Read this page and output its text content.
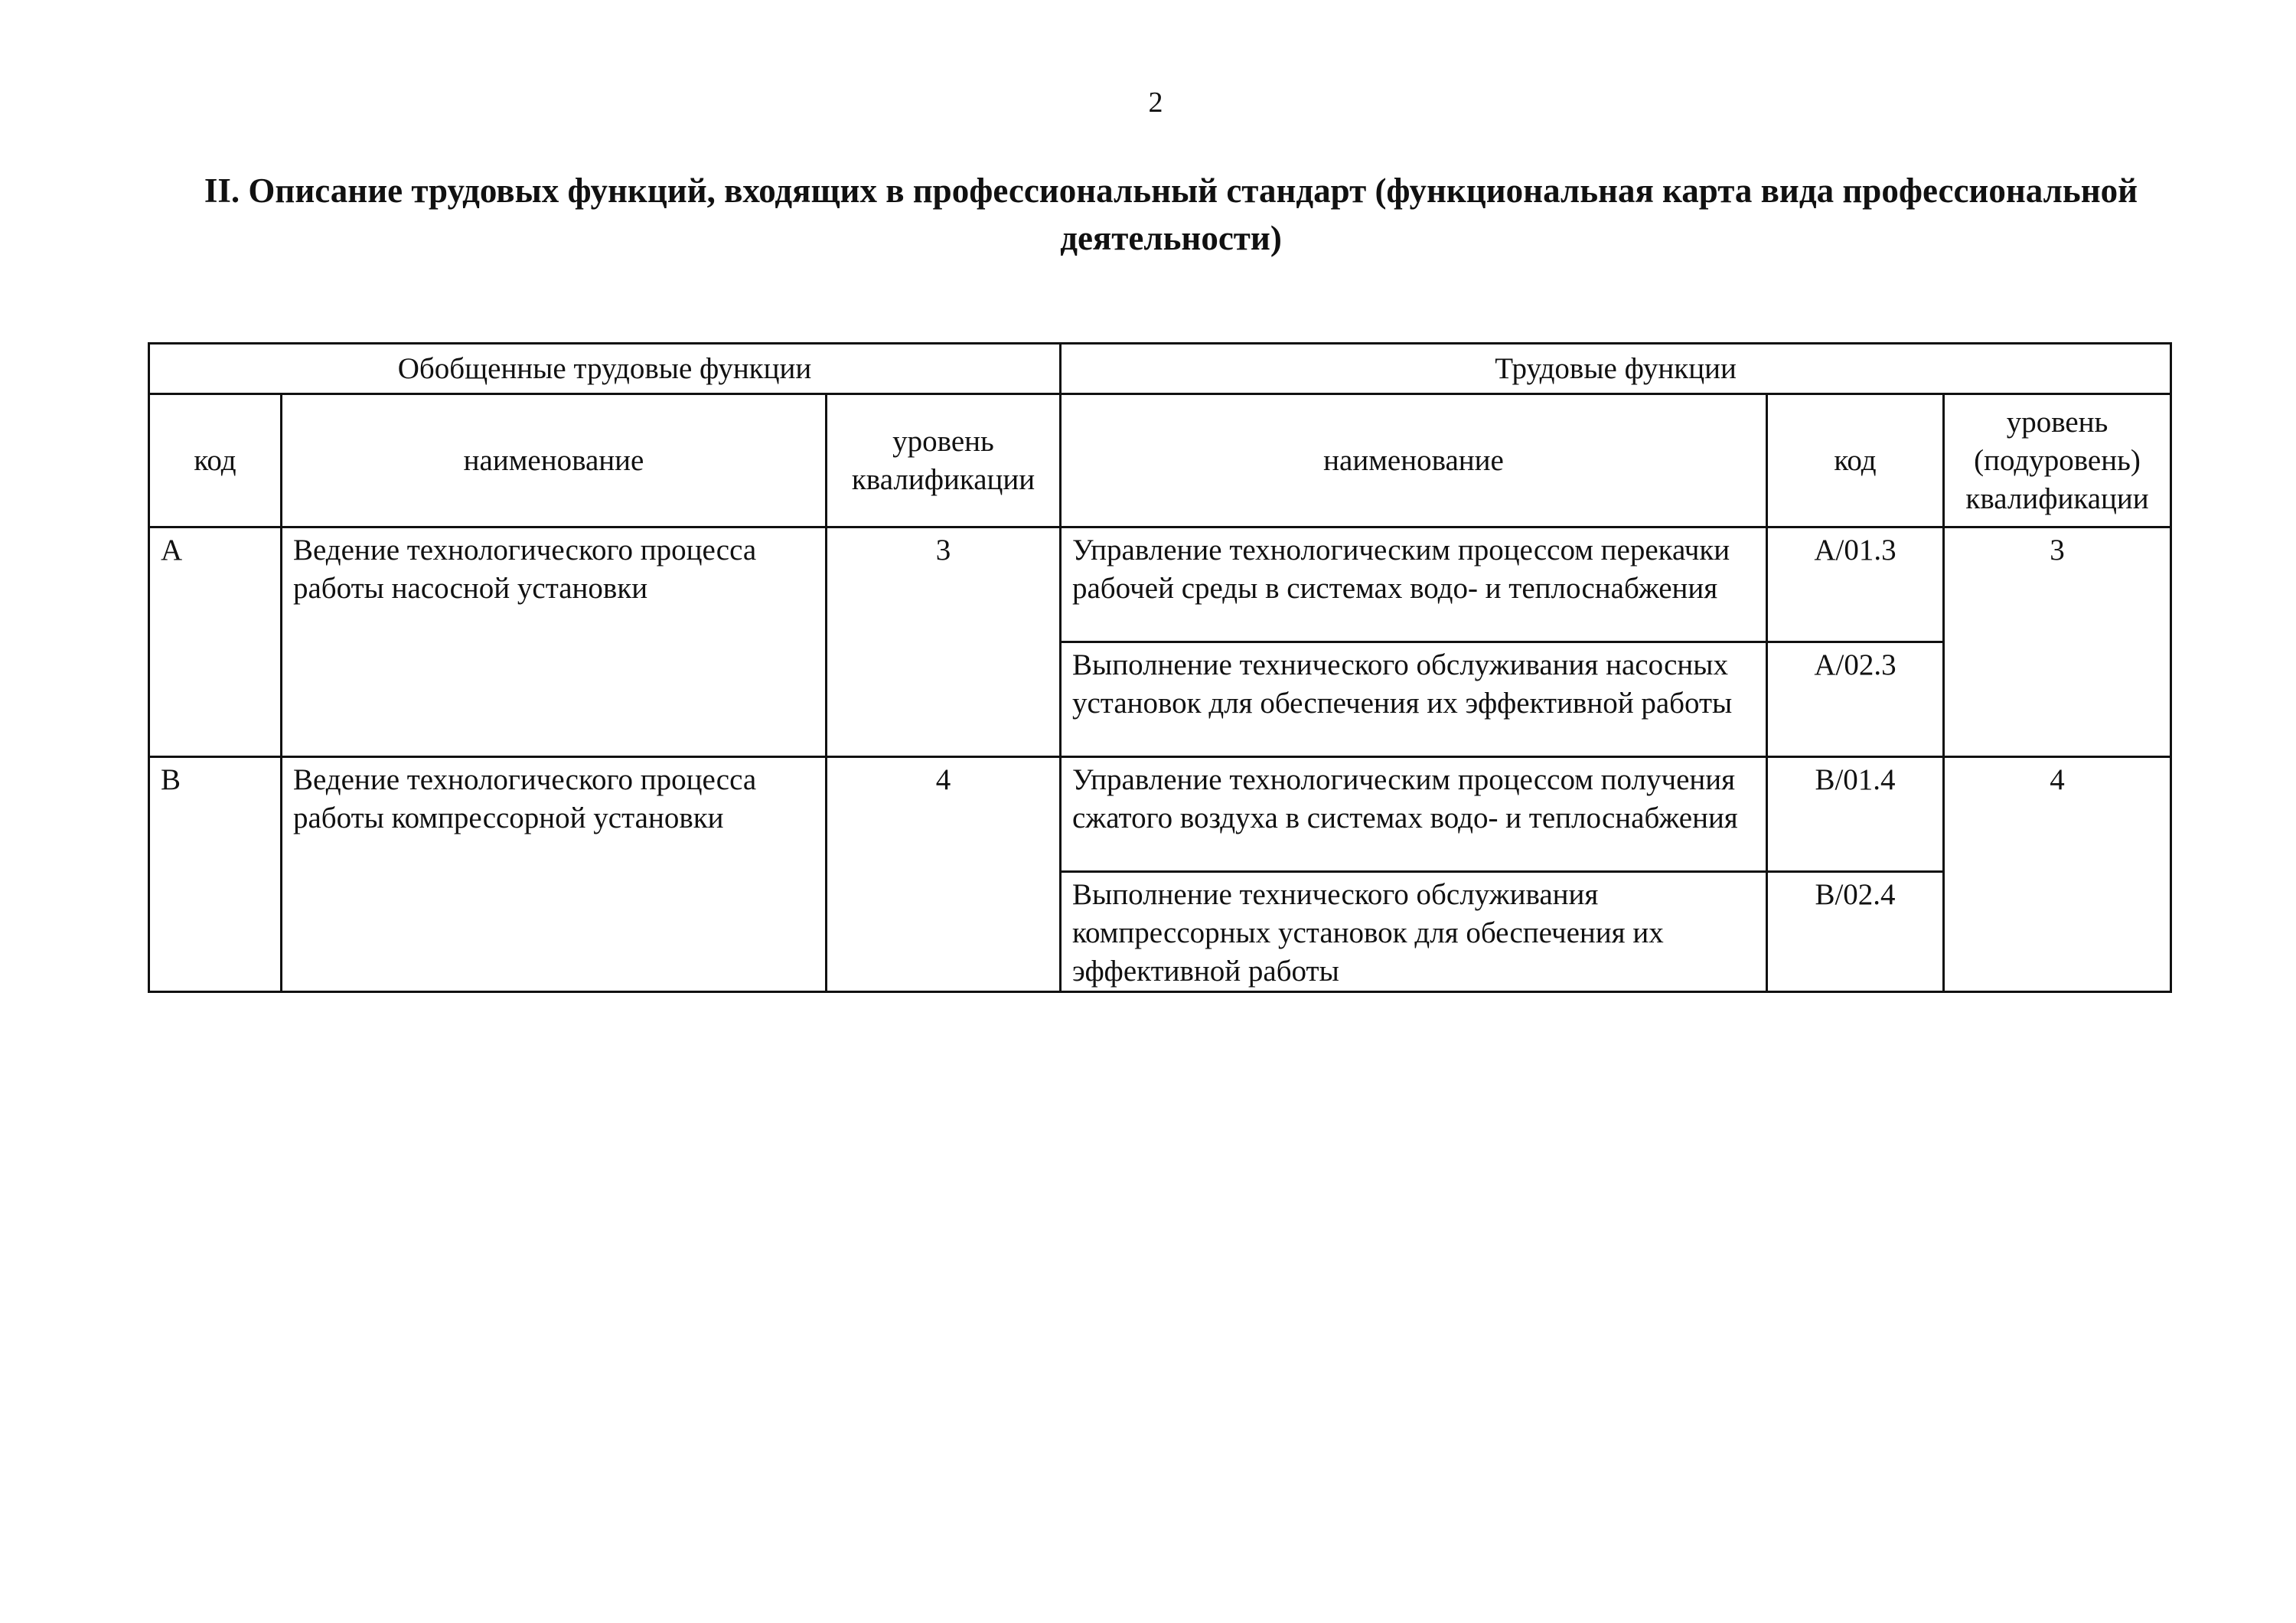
2
II. Описание трудовых функций, входящих в профессиональный стандарт (функциональная карта вида профессиональной деятельности)
Обобщенные трудовые функции			Трудовые функции		
код	наименование	уровень квалификации	наименование	код	уровень (подуровень) квалификации
A	Ведение технологического процесса работы насосной установки	3	Управление технологическим процессом перекачки рабочей среды в системах водо- и теплоснабжения	A/01.3	3
			Выполнение технического обслуживания насосных установок для обеспечения их эффективной работы	A/02.3	
B	Ведение технологического процесса работы компрессорной установки	4	Управление технологическим процессом получения сжатого воздуха в системах водо- и теплоснабжения	B/01.4	4
			Выполнение технического обслуживания компрессорных установок для обеспечения их эффективной работы	B/02.4	
